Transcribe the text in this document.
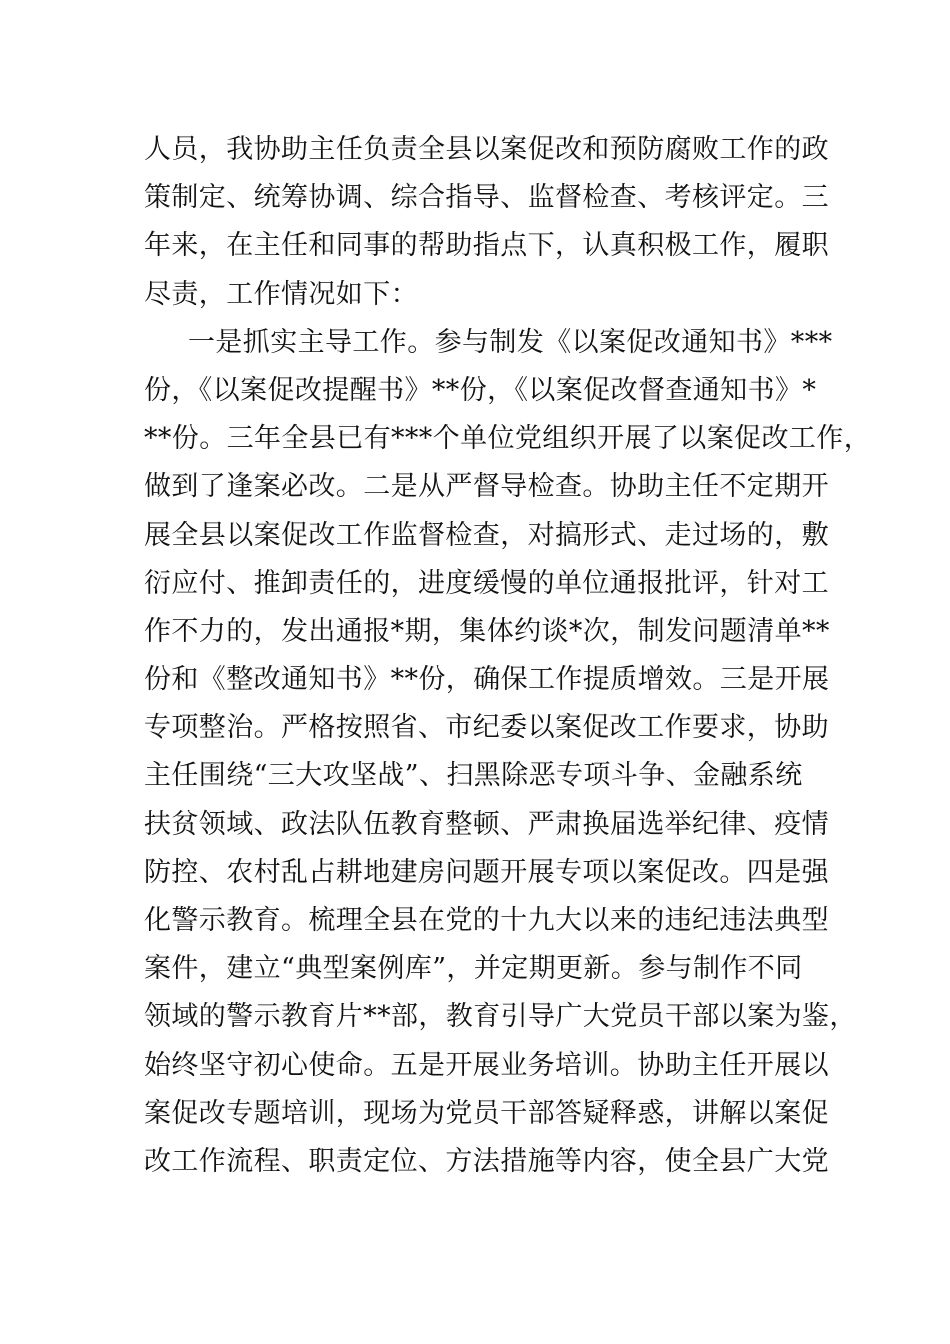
人员，我协助主任负责全县以案促改和预防腐败工作的政
策制定、统筹协调、综合指导、监督检查、考核评定。三
年来，在主任和同事的帮助指点下，认真积极工作，履职
尽责，工作情况如下：
一是抓实主导工作。参与制发《以案促改通知书》***
份，《以案促改提醒书》**份，《以案促改督查通知书》*
**份。三年全县已有***个单位党组织开展了以案促改工作，
做到了逢案必改。二是从严督导检查。协助主任不定期开
展全县以案促改工作监督检查，对搞形式、走过场的，敷
衍应付、推卸责任的，进度缓慢的单位通报批评，针对工
作不力的，发出通报*期，集体约谈*次，制发问题清单**
份和《整改通知书》**份，确保工作提质增效。三是开展
专项整治。严格按照省、市纪委以案促改工作要求，协助
主任围绕“三大攻坚战”、扫黑除恶专项斗争、金融系统
扶贫领域、政法队伍教育整顿、严肃换届选举纪律、疫情
防控、农村乱占耕地建房问题开展专项以案促改。四是强
化警示教育。梳理全县在党的十九大以来的违纪违法典型
案件，建立“典型案例库”，并定期更新。参与制作不同
领域的警示教育片**部，教育引导广大党员干部以案为鉴，
始终坚守初心使命。五是开展业务培训。协助主任开展以
案促改专题培训，现场为党员干部答疑释惑，讲解以案促
改工作流程、职责定位、方法措施等内容，使全县广大党
